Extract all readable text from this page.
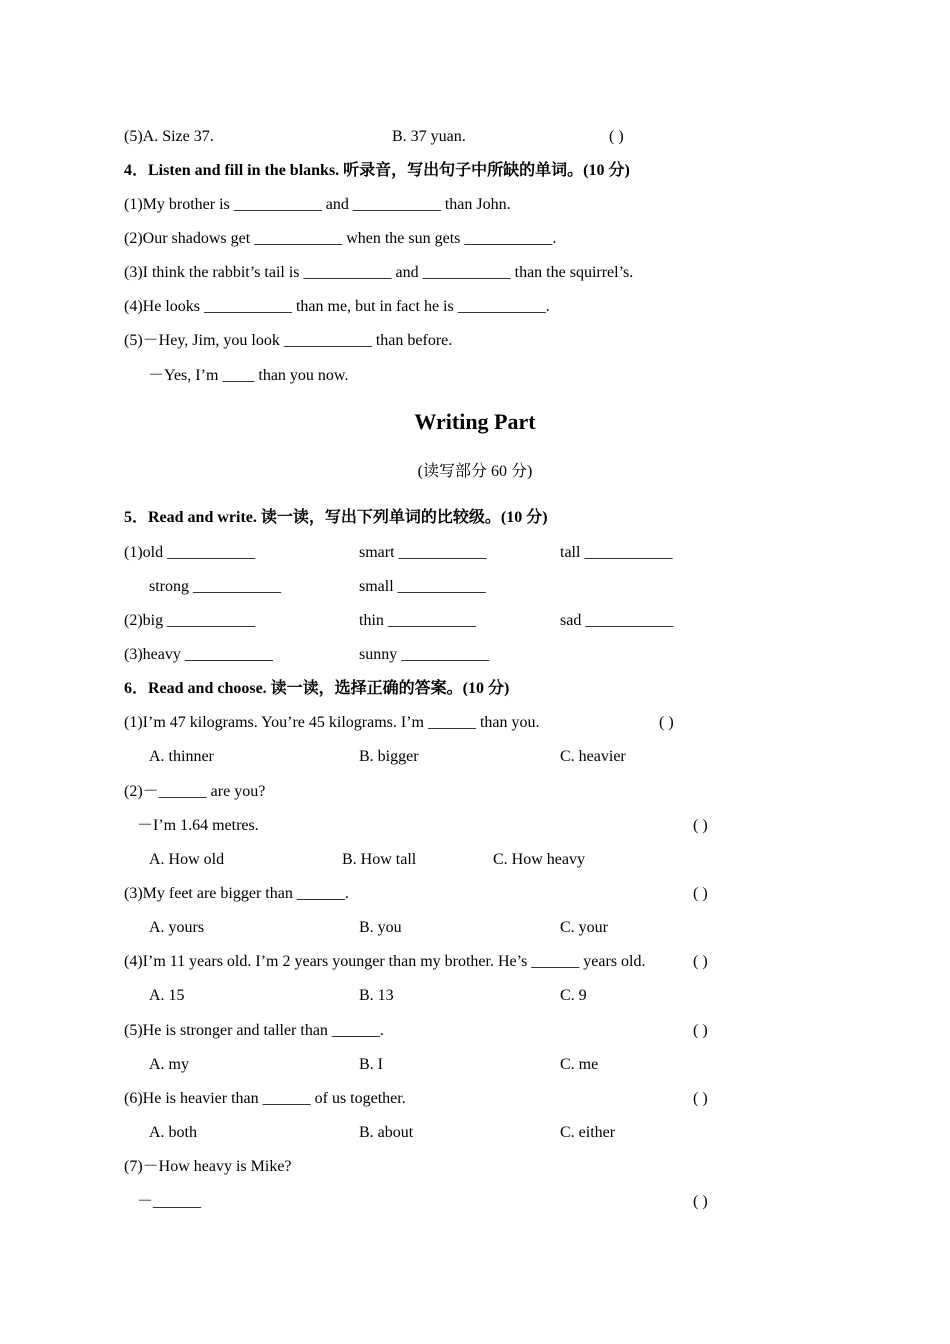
(5)A. Size 37.	B. 37 yuan.	( )
4．Listen and fill in the blanks. 听录音，写出句子中所缺的单词。(10 分)
(1)My brother is ___________ and ___________ than John.
(2)Our shadows get ___________ when the sun gets ___________.
(3)I think the rabbit’s tail is ___________ and ___________ than the squirrel’s.
(4)He looks ___________ than me, but in fact he is ___________.
(5)－Hey, Jim, you look ___________ than before.
－Yes, I’m ____ than you now.
Writing Part
(读写部分 60 分)
5．Read and write. 读一读，写出下列单词的比较级。(10 分)
(1)old ___________	smart ___________	tall ___________
strong ___________	small ___________
(2)big ___________	thin ___________	sad ___________
(3)heavy ___________	sunny ___________
6．Read and choose. 读一读，选择正确的答案。(10 分)
(1)I’m 47 kilograms. You’re 45 kilograms. I’m ______ than you.	( )
A. thinner	B. bigger	C. heavier
(2)－______ are you?
－I’m 1.64 metres.	( )
A. How old	B. How tall	C. How heavy
(3)My feet are bigger than ______.	( )
A. yours	B. you	C. your
(4)I’m 11 years old. I’m 2 years younger than my brother. He’s ______ years old.	( )
A. 15	B. 13	C. 9
(5)He is stronger and taller than ______.	( )
A. my	B. I	C. me
(6)He is heavier than ______ of us together.	( )
A. both	B. about	C. either
(7)－How heavy is Mike?
－______	( )
